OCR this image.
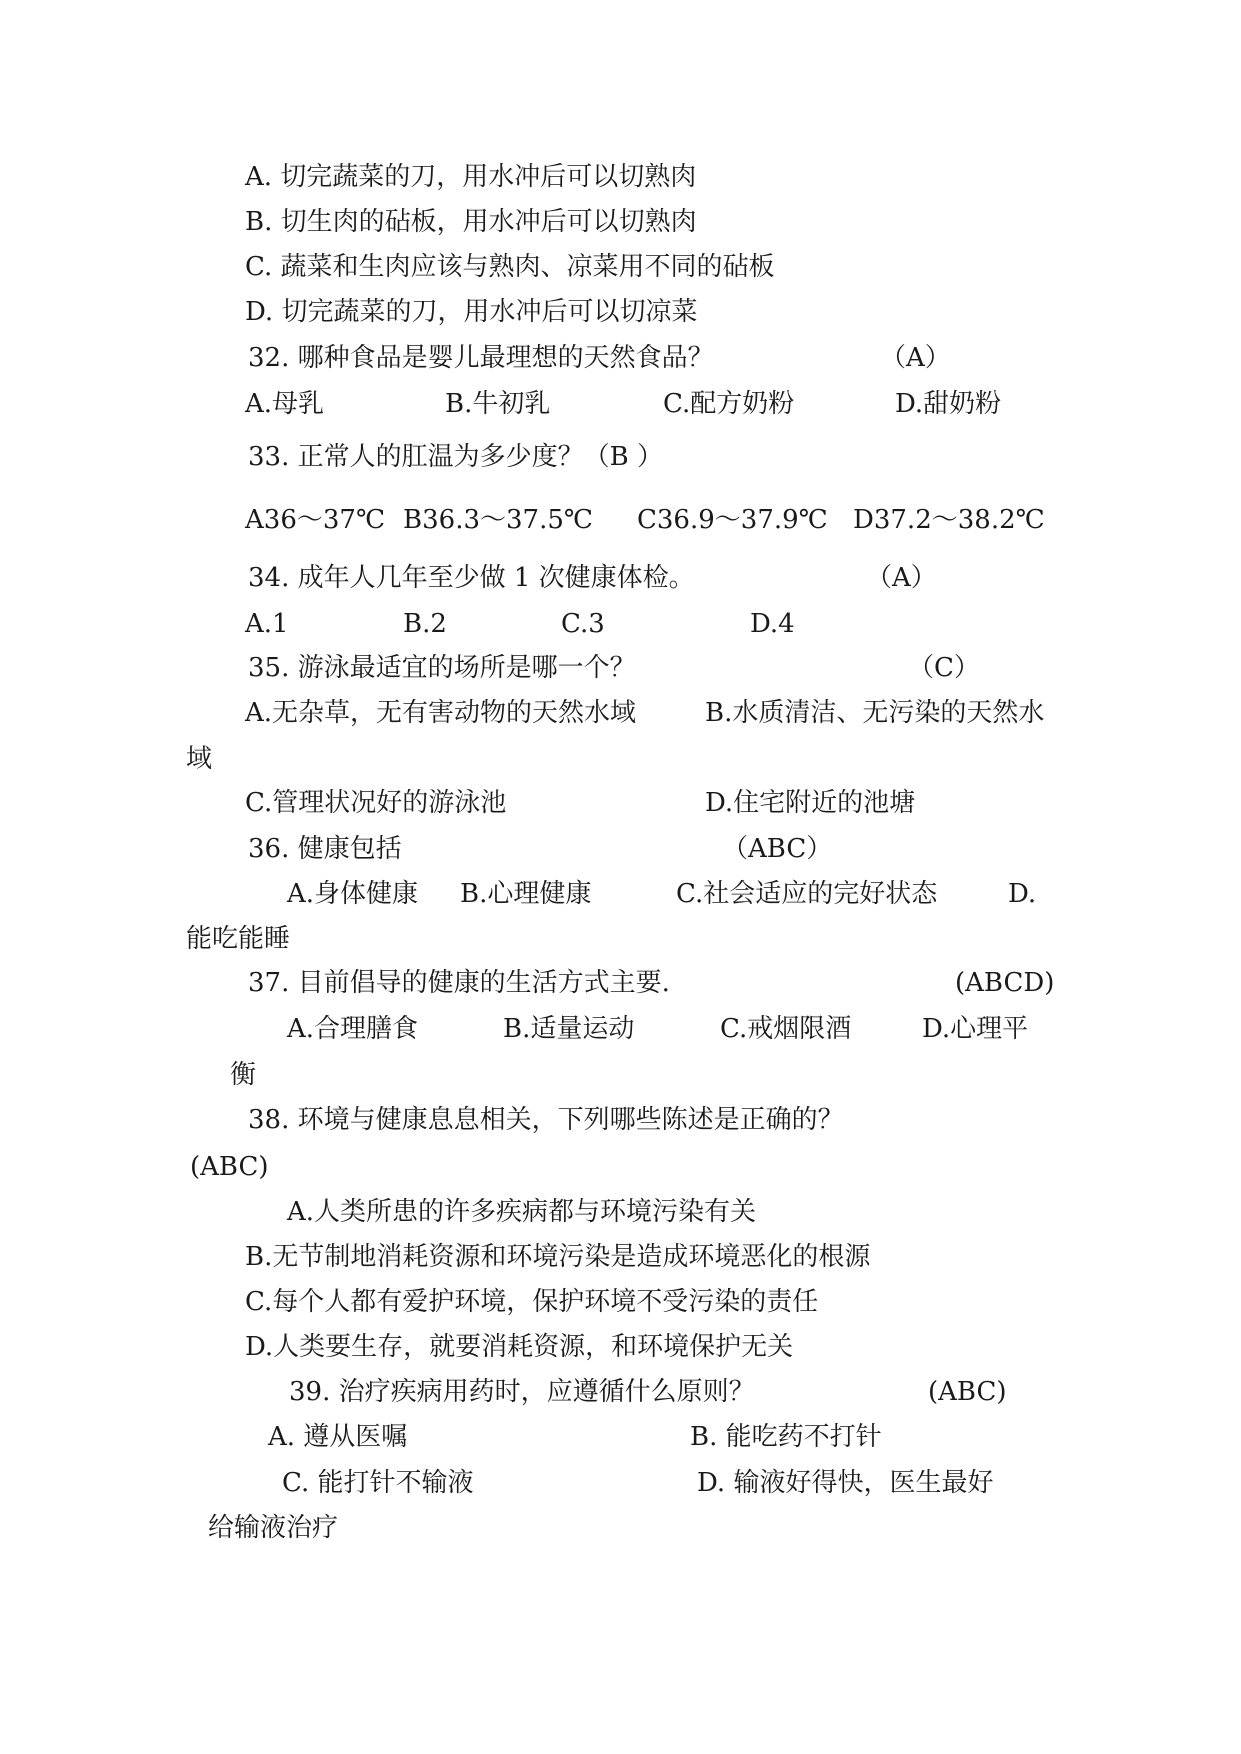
A. 切完蔬菜的刀，用水冲后可以切熟肉
B. 切生肉的砧板，用水冲后可以切熟肉
C. 蔬菜和生肉应该与熟肉、凉菜用不同的砧板
D. 切完蔬菜的刀，用水冲后可以切凉菜
32. 哪种食品是婴儿最理想的天然食品？	（A）
A.母乳	B.牛初乳	C.配方奶粉	D.甜奶粉
33. 正常人的肛温为多少度？（B ）
A36～37℃ B36.3～37.5℃ C36.9～37.9℃ D37.2～38.2℃
34. 成年人几年至少做 1 次健康体检。	（A）
A.1	B.2	C.3	D.4
35. 游泳最适宜的场所是哪一个？	（C）
A.无杂草，无有害动物的天然水域	B.水质清洁、无污染的天然水
域
C.管理状况好的游泳池	D.住宅附近的池塘
36. 健康包括	（ABC）
A.身体健康 B.心理健康	C.社会适应的完好状态	D.
能吃能睡
37. 目前倡导的健康的生活方式主要.	(ABCD)
A.合理膳食	B.适量运动	C.戒烟限酒	D.心理平
衡
38. 环境与健康息息相关，下列哪些陈述是正确的？
(ABC)
A.人类所患的许多疾病都与环境污染有关
B.无节制地消耗资源和环境污染是造成环境恶化的根源
C.每个人都有爱护环境，保护环境不受污染的责任
D.人类要生存，就要消耗资源，和环境保护无关
39. 治疗疾病用药时，应遵循什么原则？	(ABC)
A. 遵从医嘱	B. 能吃药不打针
C. 能打针不输液	D. 输液好得快，医生最好
给输液治疗
